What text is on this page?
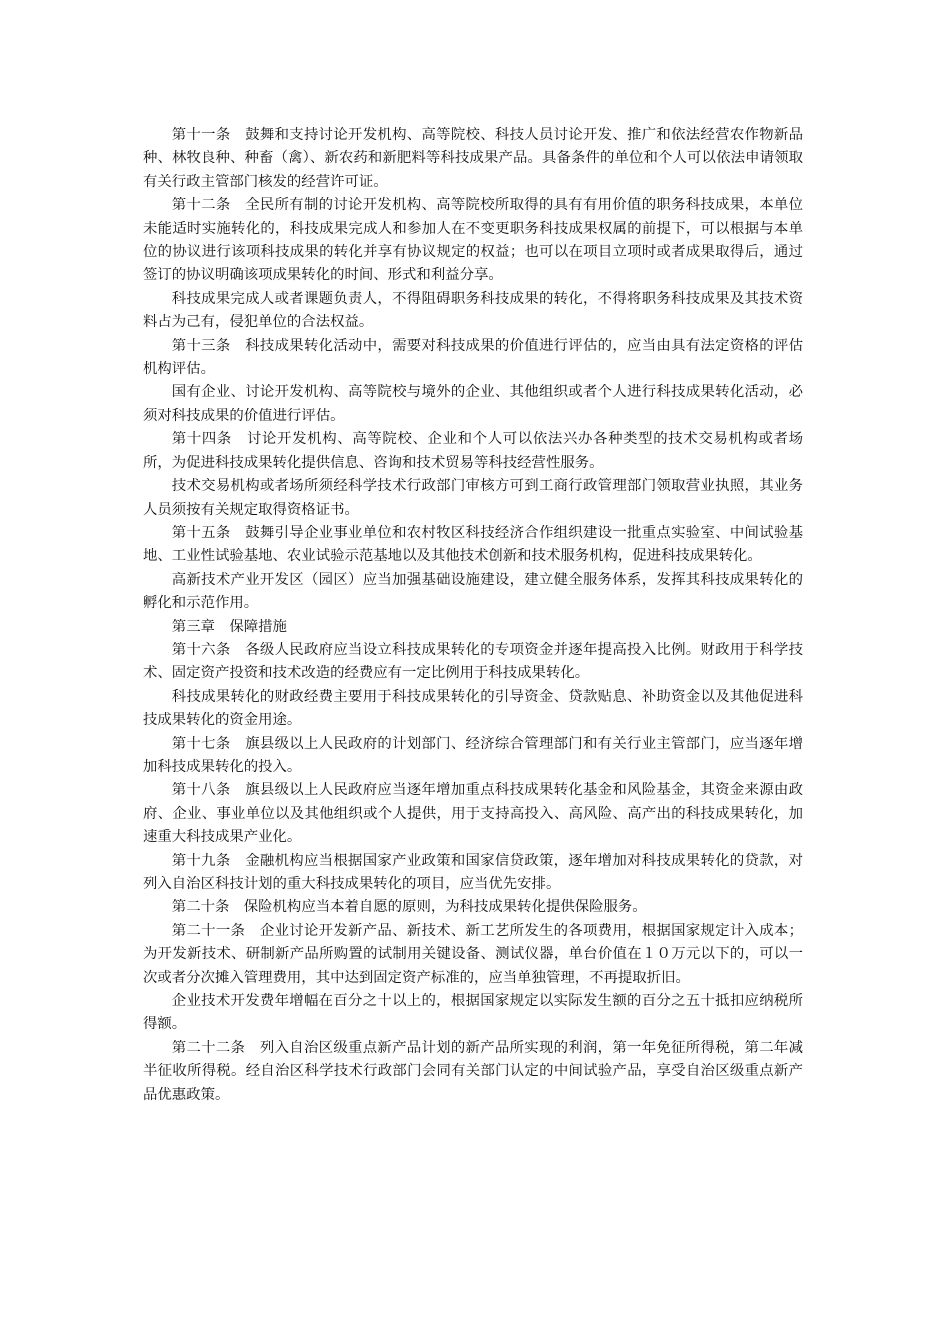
第十一条　鼓舞和支持讨论开发机构、高等院校、科技人员讨论开发、推广和依法经营农作物新品种、林牧良种、种畜（禽）、新农药和新肥料等科技成果产品。具备条件的单位和个人可以依法申请领取有关行政主管部门核发的经营许可证。

第十二条　全民所有制的讨论开发机构、高等院校所取得的具有有用价值的职务科技成果，本单位未能适时实施转化的，科技成果完成人和参加人在不变更职务科技成果权属的前提下，可以根据与本单位的协议进行该项科技成果的转化并享有协议规定的权益；也可以在项目立项时或者成果取得后，通过签订的协议明确该项成果转化的时间、形式和利益分享。

科技成果完成人或者课题负责人，不得阻碍职务科技成果的转化，不得将职务科技成果及其技术资料占为己有，侵犯单位的合法权益。

第十三条　科技成果转化活动中，需要对科技成果的价值进行评估的，应当由具有法定资格的评估机构评估。

国有企业、讨论开发机构、高等院校与境外的企业、其他组织或者个人进行科技成果转化活动，必须对科技成果的价值进行评估。

第十四条　讨论开发机构、高等院校、企业和个人可以依法兴办各种类型的技术交易机构或者场所，为促进科技成果转化提供信息、咨询和技术贸易等科技经营性服务。

技术交易机构或者场所须经科学技术行政部门审核方可到工商行政管理部门领取营业执照，其业务人员须按有关规定取得资格证书。

第十五条　鼓舞引导企业事业单位和农村牧区科技经济合作组织建设一批重点实验室、中间试验基地、工业性试验基地、农业试验示范基地以及其他技术创新和技术服务机构，促进科技成果转化。

高新技术产业开发区（园区）应当加强基础设施建设，建立健全服务体系，发挥其科技成果转化的孵化和示范作用。

第三章　保障措施

第十六条　各级人民政府应当设立科技成果转化的专项资金并逐年提高投入比例。财政用于科学技术、固定资产投资和技术改造的经费应有一定比例用于科技成果转化。

科技成果转化的财政经费主要用于科技成果转化的引导资金、贷款贴息、补助资金以及其他促进科技成果转化的资金用途。

第十七条　旗县级以上人民政府的计划部门、经济综合管理部门和有关行业主管部门，应当逐年增加科技成果转化的投入。

第十八条　旗县级以上人民政府应当逐年增加重点科技成果转化基金和风险基金，其资金来源由政府、企业、事业单位以及其他组织或个人提供，用于支持高投入、高风险、高产出的科技成果转化，加速重大科技成果产业化。

第十九条　金融机构应当根据国家产业政策和国家信贷政策，逐年增加对科技成果转化的贷款，对列入自治区科技计划的重大科技成果转化的项目，应当优先安排。

第二十条　保险机构应当本着自愿的原则，为科技成果转化提供保险服务。

第二十一条　企业讨论开发新产品、新技术、新工艺所发生的各项费用，根据国家规定计入成本；为开发新技术、研制新产品所购置的试制用关键设备、测试仪器，单台价值在１０万元以下的，可以一次或者分次摊入管理费用，其中达到固定资产标准的，应当单独管理，不再提取折旧。

企业技术开发费年增幅在百分之十以上的，根据国家规定以实际发生额的百分之五十抵扣应纳税所得额。

第二十二条　列入自治区级重点新产品计划的新产品所实现的利润，第一年免征所得税，第二年减半征收所得税。经自治区科学技术行政部门会同有关部门认定的中间试验产品，享受自治区级重点新产品优惠政策。
